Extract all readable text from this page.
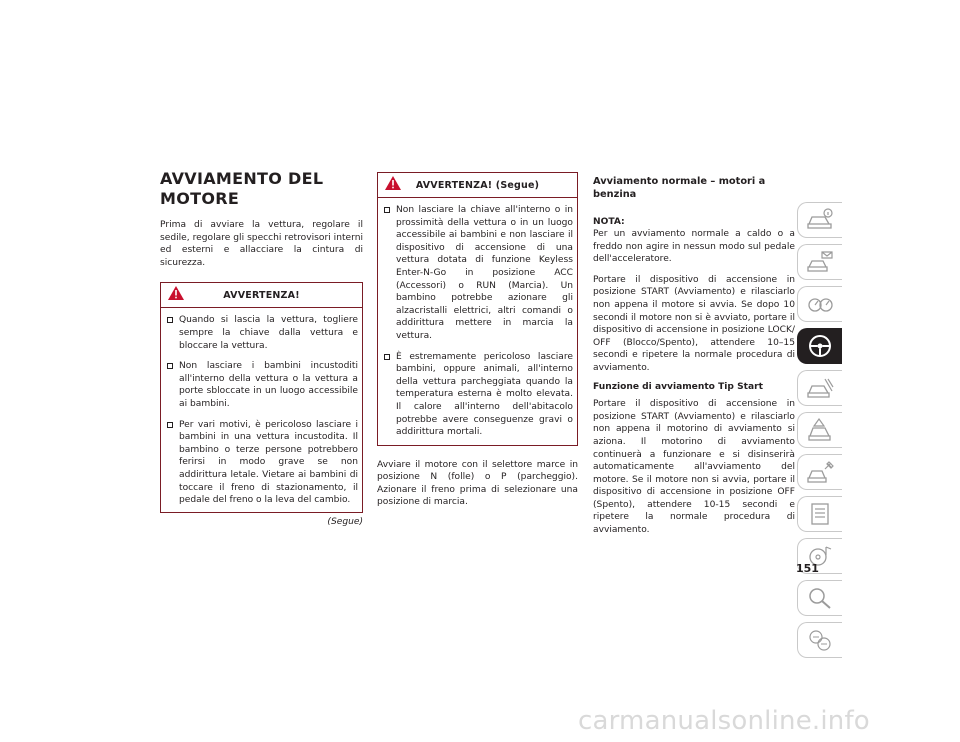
AVVIAMENTO DEL MOTORE
Prima di avviare la vettura, regolare il sedile, regolare gli specchi retrovisori interni ed esterni e allacciare la cintura di sicurezza.
AVVERTENZA!
Quando si lascia la vettura, togliere sempre la chiave dalla vettura e bloccare la vettura.
Non lasciare i bambini incustoditi all'interno della vettura o la vettura a porte sbloccate in un luogo accessibile ai bambini.
Per vari motivi, è pericoloso lasciare i bambini in una vettura incustodita. Il bambino o terze persone potrebbero ferirsi in modo grave se non addirittura letale. Vietare ai bambini di toccare il freno di stazionamento, il pedale del freno o la leva del cambio.
(Segue)
AVVERTENZA! (Segue)
Non lasciare la chiave all'interno o in prossimità della vettura o in un luogo accessibile ai bambini e non lasciare il dispositivo di accensione di una vettura dotata di funzione Keyless Enter-N-Go in posizione ACC (Accessori) o RUN (Marcia). Un bambino potrebbe azionare gli alzacristalli elettrici, altri comandi o addirittura mettere in marcia la vettura.
È estremamente pericoloso lasciare bambini, oppure animali, all'interno della vettura parcheggiata quando la temperatura esterna è molto elevata. Il calore all'interno dell'abitacolo potrebbe avere conseguenze gravi o addirittura mortali.
Avviare il motore con il selettore marce in posizione N (folle) o P (parcheggio). Azionare il freno prima di selezionare una posizione di marcia.
Avviamento normale – motori a benzina
NOTA:
Per un avviamento normale a caldo o a freddo non agire in nessun modo sul pedale dell'acceleratore.
Portare il dispositivo di accensione in posizione START (Avviamento) e rilasciarlo non appena il motore si avvia. Se dopo 10 secondi il motore non si è avviato, portare il dispositivo di accensione in posizione LOCK/ OFF (Blocco/Spento), attendere 10–15 secondi e ripetere la normale procedura di avviamento.
Funzione di avviamento Tip Start
Portare il dispositivo di accensione in posizione START (Avviamento) e rilasciarlo non appena il motorino di avviamento si aziona. Il motorino di avviamento continuerà a funzionare e si disinserirà automaticamente all'avviamento del motore. Se il motore non si avvia, portare il dispositivo di accensione in posizione OFF (Spento), attendere 10-15 secondi e ripetere la normale procedura di avviamento.
151
carmanualsonline.info
